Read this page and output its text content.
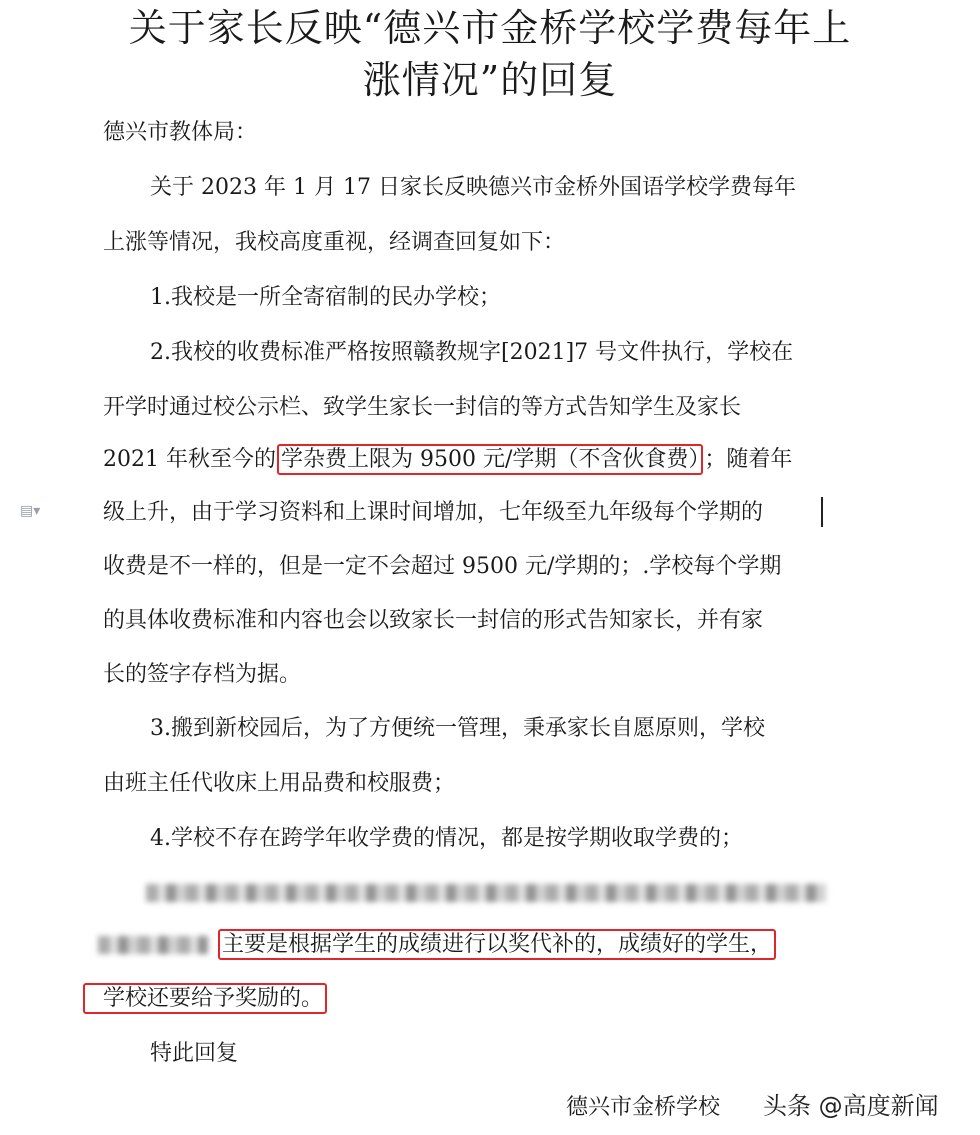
关于家长反映“德兴市金桥学校学费每年上
涨情况”的回复
德兴市教体局：
关于 2023 年 1 月 17 日家长反映德兴市金桥外国语学校学费每年
上涨等情况，我校高度重视，经调查回复如下：
1.我校是一所全寄宿制的民办学校；
2.我校的收费标准严格按照赣教规字[2021]7 号文件执行，学校在
开学时通过校公示栏、致学生家长一封信的等方式告知学生及家长
2021 年秋至今的 学杂费上限为 9500 元/学期（不含伙食费） ；随着年
级上升，由于学习资料和上课时间增加，七年级至九年级每个学期的
收费是不一样的，但是一定不会超过 9500 元/学期的；.学校每个学期
的具体收费标准和内容也会以致家长一封信的形式告知家长，并有家
长的签字存档为据。
3.搬到新校园后，为了方便统一管理，秉承家长自愿原则，学校
由班主任代收床上用品费和校服费；
4.学校不存在跨学年收学费的情况，都是按学期收取学费的；
主要是根据学生的成绩进行以奖代补的，成绩好的学生，
学校还要给予奖励的。
特此回复
德兴市金桥学校
▤▾
头条 @高度新闻
